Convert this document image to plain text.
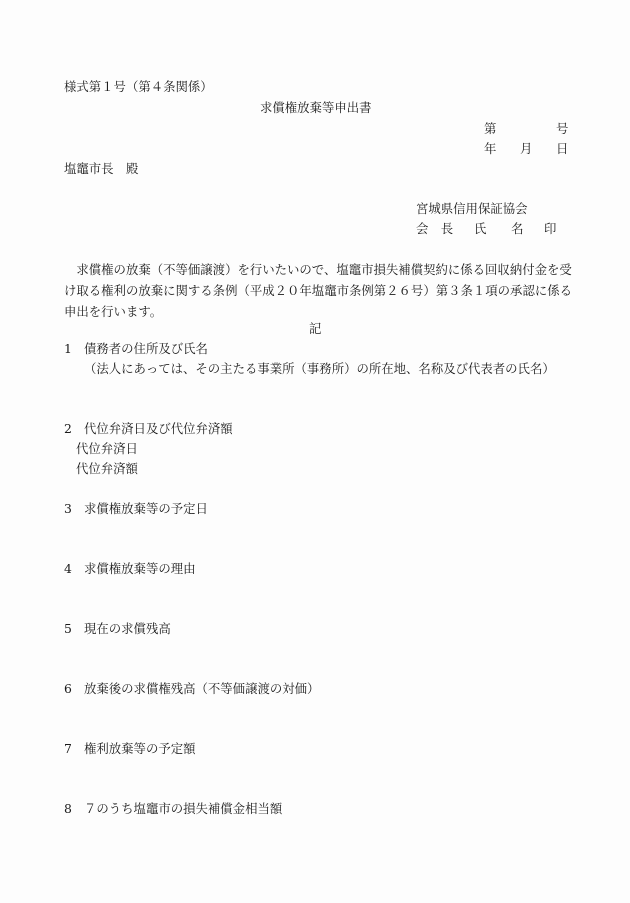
様式第１号（第４条関係）
求償権放棄等申出書
第	号
年 月 日
塩竈市長　殿
宮城県信用保証協会
会　長 氏　　名 印
　求償権の放棄（不等価譲渡）を行いたいので、塩竈市損失補償契約に係る回収納付金を受け取る権利の放棄に関する条例（平成２０年塩竈市条例第２６号）第３条１項の承認に係る申出を行います。
記
1 債務者の住所及び氏名
（法人にあっては、その主たる事業所（事務所）の所在地、名称及び代表者の氏名）
2 代位弁済日及び代位弁済額
代位弁済日
代位弁済額
3 求償権放棄等の予定日
4 求償権放棄等の理由
5 現在の求償残高
6 放棄後の求償権残高（不等価譲渡の対価）
7 権利放棄等の予定額
8 ７のうち塩竈市の損失補償金相当額
